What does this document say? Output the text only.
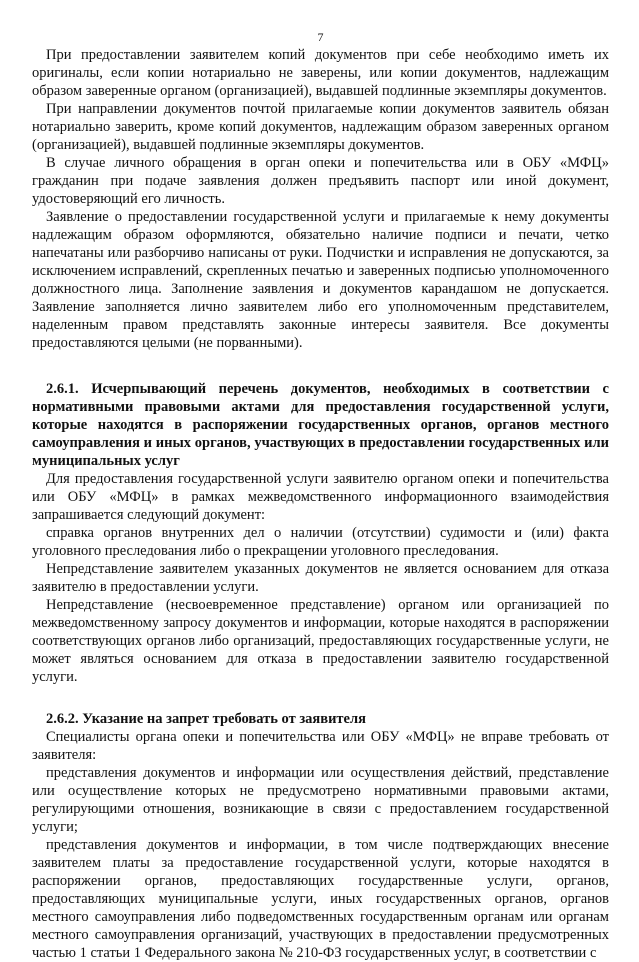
7

При предоставлении заявителем копий документов при себе необходимо иметь их оригиналы, если копии нотариально не заверены, или копии документов, надлежащим образом заверенные органом (организацией), выдавшей подлинные экземпляры документов.

При направлении документов почтой прилагаемые копии документов заявитель обязан нотариально заверить, кроме копий документов, надлежащим образом заверенных органом (организацией), выдавшей подлинные экземпляры документов.

В случае личного обращения в орган опеки и попечительства или в ОБУ «МФЦ» гражданин при подаче заявления должен предъявить паспорт или иной документ, удостоверяющий его личность.

Заявление о предоставлении государственной услуги и прилагаемые к нему документы надлежащим образом оформляются, обязательно наличие подписи и печати, четко напечатаны или разборчиво написаны от руки. Подчистки и исправления не допускаются, за исключением исправлений, скрепленных печатью и заверенных подписью уполномоченного должностного лица. Заполнение заявления и документов карандашом не допускается. Заявление заполняется лично заявителем либо его уполномоченным представителем, наделенным правом представлять законные интересы заявителя. Все документы предоставляются целыми (не порванными).

2.6.1. Исчерпывающий перечень документов, необходимых в соответствии с нормативными правовыми актами для предоставления государственной услуги, которые находятся в распоряжении государственных органов, органов местного самоуправления и иных органов, участвующих в предоставлении государственных или муниципальных услуг

Для предоставления государственной услуги заявителю органом опеки и попечительства или ОБУ «МФЦ» в рамках межведомственного информационного взаимодействия запрашивается следующий документ:

справка органов внутренних дел о наличии (отсутствии) судимости и (или) факта уголовного преследования либо о прекращении уголовного преследования.

Непредставление заявителем указанных документов не является основанием для отказа заявителю в предоставлении услуги.

Непредставление (несвоевременное представление) органом или организацией по межведомственному запросу документов и информации, которые находятся в распоряжении соответствующих органов либо организаций, предоставляющих государственные услуги, не может являться основанием для отказа в предоставлении заявителю государственной услуги.

2.6.2. Указание на запрет требовать от заявителя

Специалисты органа опеки и попечительства или ОБУ «МФЦ» не вправе требовать от заявителя:

представления документов и информации или осуществления действий, представление или осуществление которых не предусмотрено нормативными правовыми актами, регулирующими отношения, возникающие в связи с предоставлением государственной услуги;

представления документов и информации, в том числе подтверждающих внесение заявителем платы за предоставление государственной услуги, которые находятся в распоряжении органов, предоставляющих государственные услуги, органов, предоставляющих муниципальные услуги, иных государственных органов, органов местного самоуправления либо подведомственных государственным органам или органам местного самоуправления организаций, участвующих в предоставлении предусмотренных частью 1 статьи 1 Федерального закона № 210-ФЗ государственных услуг, в соответствии с
